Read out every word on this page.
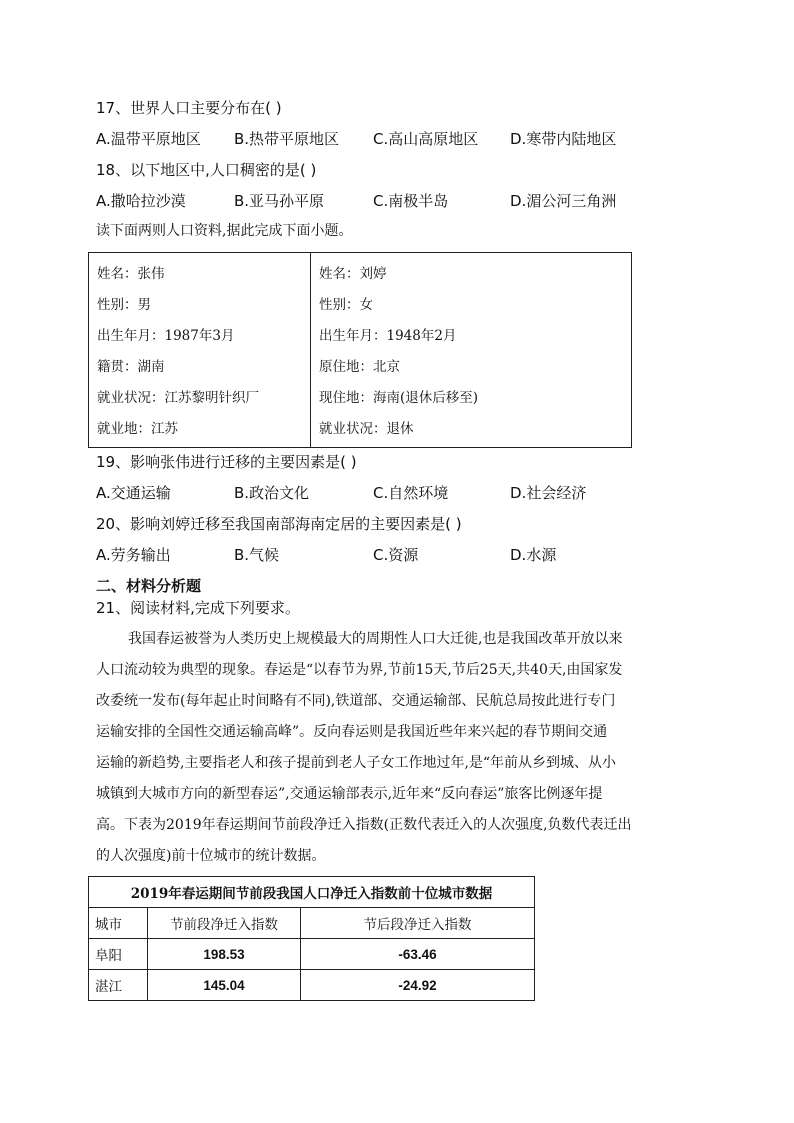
17、世界人口主要分布在( )
A.温带平原地区 B.热带平原地区 C.高山高原地区 D.寒带内陆地区
18、以下地区中,人口稠密的是( )
A.撒哈拉沙漠	B.亚马孙平原	C.南极半岛	D.湄公河三角洲
读下面两则人口资料,据此完成下面小题。
姓名：张伟
性别：男
出生年月：1987年3月
籍贯：湖南
就业状况：江苏黎明针织厂
就业地：江苏
姓名：刘婷
性别：女
出生年月：1948年2月
原住地：北京
现住地：海南(退休后移至)
就业状况：退休
19、影响张伟进行迁移的主要因素是( )
A.交通运输	B.政治文化	C.自然环境	D.社会经济
20、影响刘婷迁移至我国南部海南定居的主要因素是( )
A.劳务输出	B.气候	C.资源	D.水源
二、材料分析题
21、阅读材料,完成下列要求。
我国春运被誉为人类历史上规模最大的周期性人口大迁徙,也是我国改革开放以来
人口流动较为典型的现象。春运是“以春节为界,节前15天,节后25天,共40天,由国家发
改委统一发布(每年起止时间略有不同),铁道部、交通运输部、民航总局按此进行专门
运输安排的全国性交通运输高峰”。反向春运则是我国近些年来兴起的春节期间交通
运输的新趋势,主要指老人和孩子提前到老人子女工作地过年,是“年前从乡到城、从小
城镇到大城市方向的新型春运”,交通运输部表示,近年来“反向春运”旅客比例逐年提
高。下表为2019年春运期间节前段净迁入指数(正数代表迁入的人次强度,负数代表迁出
的人次强度)前十位城市的统计数据。
2019年春运期间节前段我国人口净迁入指数前十位城市数据		
城市	节前段净迁入指数	节后段净迁入指数
阜阳	198.53	-63.46
湛江	145.04	-24.92
